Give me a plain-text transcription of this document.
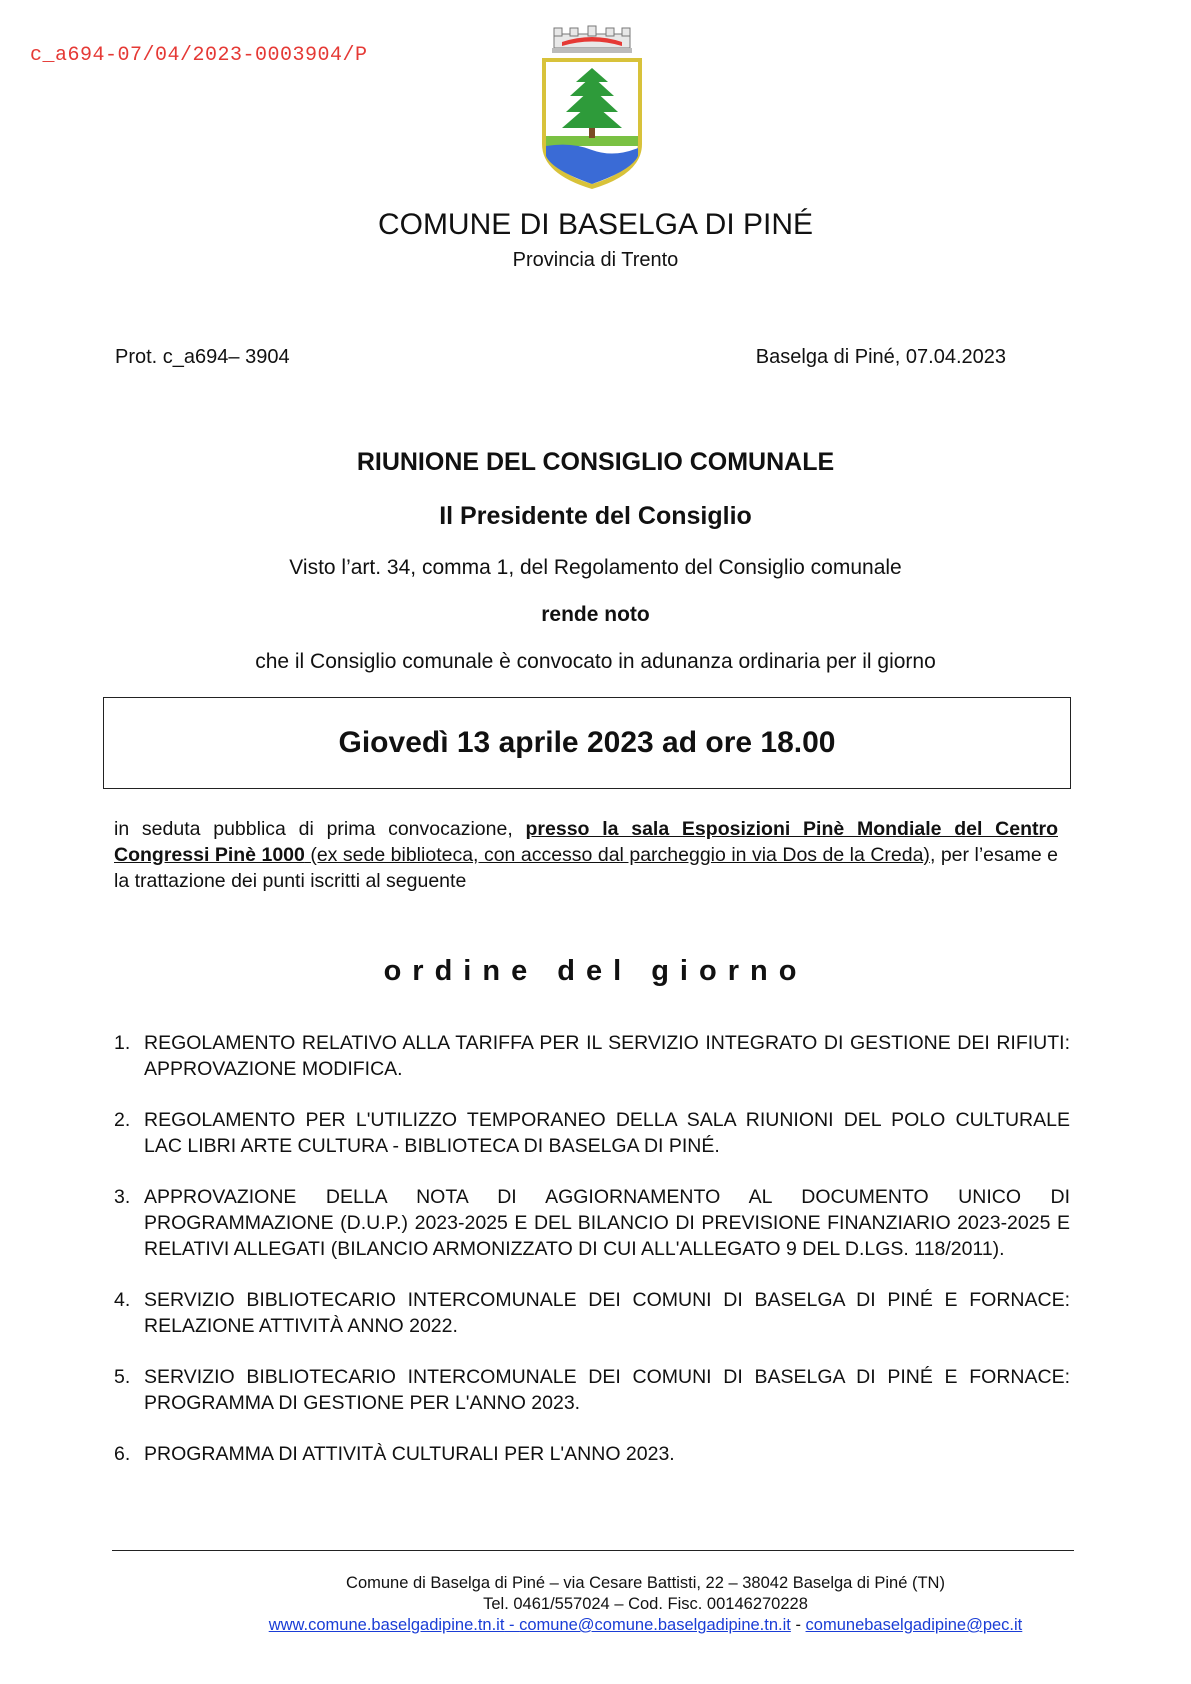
c_a694-07/04/2023-0003904/P
COMUNE DI BASELGA DI PINÉ
Provincia di Trento
Prot. c_a694– 3904	Baselga di Piné, 07.04.2023
RIUNIONE DEL CONSIGLIO COMUNALE
Il Presidente del Consiglio
Visto l’art. 34, comma 1, del Regolamento del Consiglio comunale
rende noto
che il Consiglio comunale è convocato in adunanza ordinaria per il giorno
Giovedì 13 aprile 2023 ad ore 18.00
in seduta pubblica di prima convocazione, presso la sala Esposizioni Pinè Mondiale del Centro Congressi Pinè 1000 (ex sede biblioteca, con accesso dal parcheggio in via Dos de la Creda), per l’esame e la trattazione dei punti iscritti al seguente
ordine del giorno
1. REGOLAMENTO RELATIVO ALLA TARIFFA PER IL SERVIZIO INTEGRATO DI GESTIONE DEI RIFIUTI: APPROVAZIONE MODIFICA.
2. REGOLAMENTO PER L'UTILIZZO TEMPORANEO DELLA SALA RIUNIONI DEL POLO CULTURALE LAC LIBRI ARTE CULTURA - BIBLIOTECA DI BASELGA DI PINÉ.
3. APPROVAZIONE DELLA NOTA DI AGGIORNAMENTO AL DOCUMENTO UNICO DI PROGRAMMAZIONE (D.U.P.) 2023-2025 E DEL BILANCIO DI PREVISIONE FINANZIARIO 2023-2025 E RELATIVI ALLEGATI (BILANCIO ARMONIZZATO DI CUI ALL'ALLEGATO 9 DEL D.LGS. 118/2011).
4. SERVIZIO BIBLIOTECARIO INTERCOMUNALE DEI COMUNI DI BASELGA DI PINÉ E FORNACE: RELAZIONE ATTIVITÀ ANNO 2022.
5. SERVIZIO BIBLIOTECARIO INTERCOMUNALE DEI COMUNI DI BASELGA DI PINÉ E FORNACE: PROGRAMMA DI GESTIONE PER L'ANNO 2023.
6. PROGRAMMA DI ATTIVITÀ CULTURALI PER L'ANNO 2023.
Comune di Baselga di Piné – via Cesare Battisti, 22 – 38042 Baselga di Piné (TN)
Tel. 0461/557024 – Cod. Fisc. 00146270228
www.comune.baselgadipine.tn.it - comune@comune.baselgadipine.tn.it - comunebaselgadipine@pec.it
